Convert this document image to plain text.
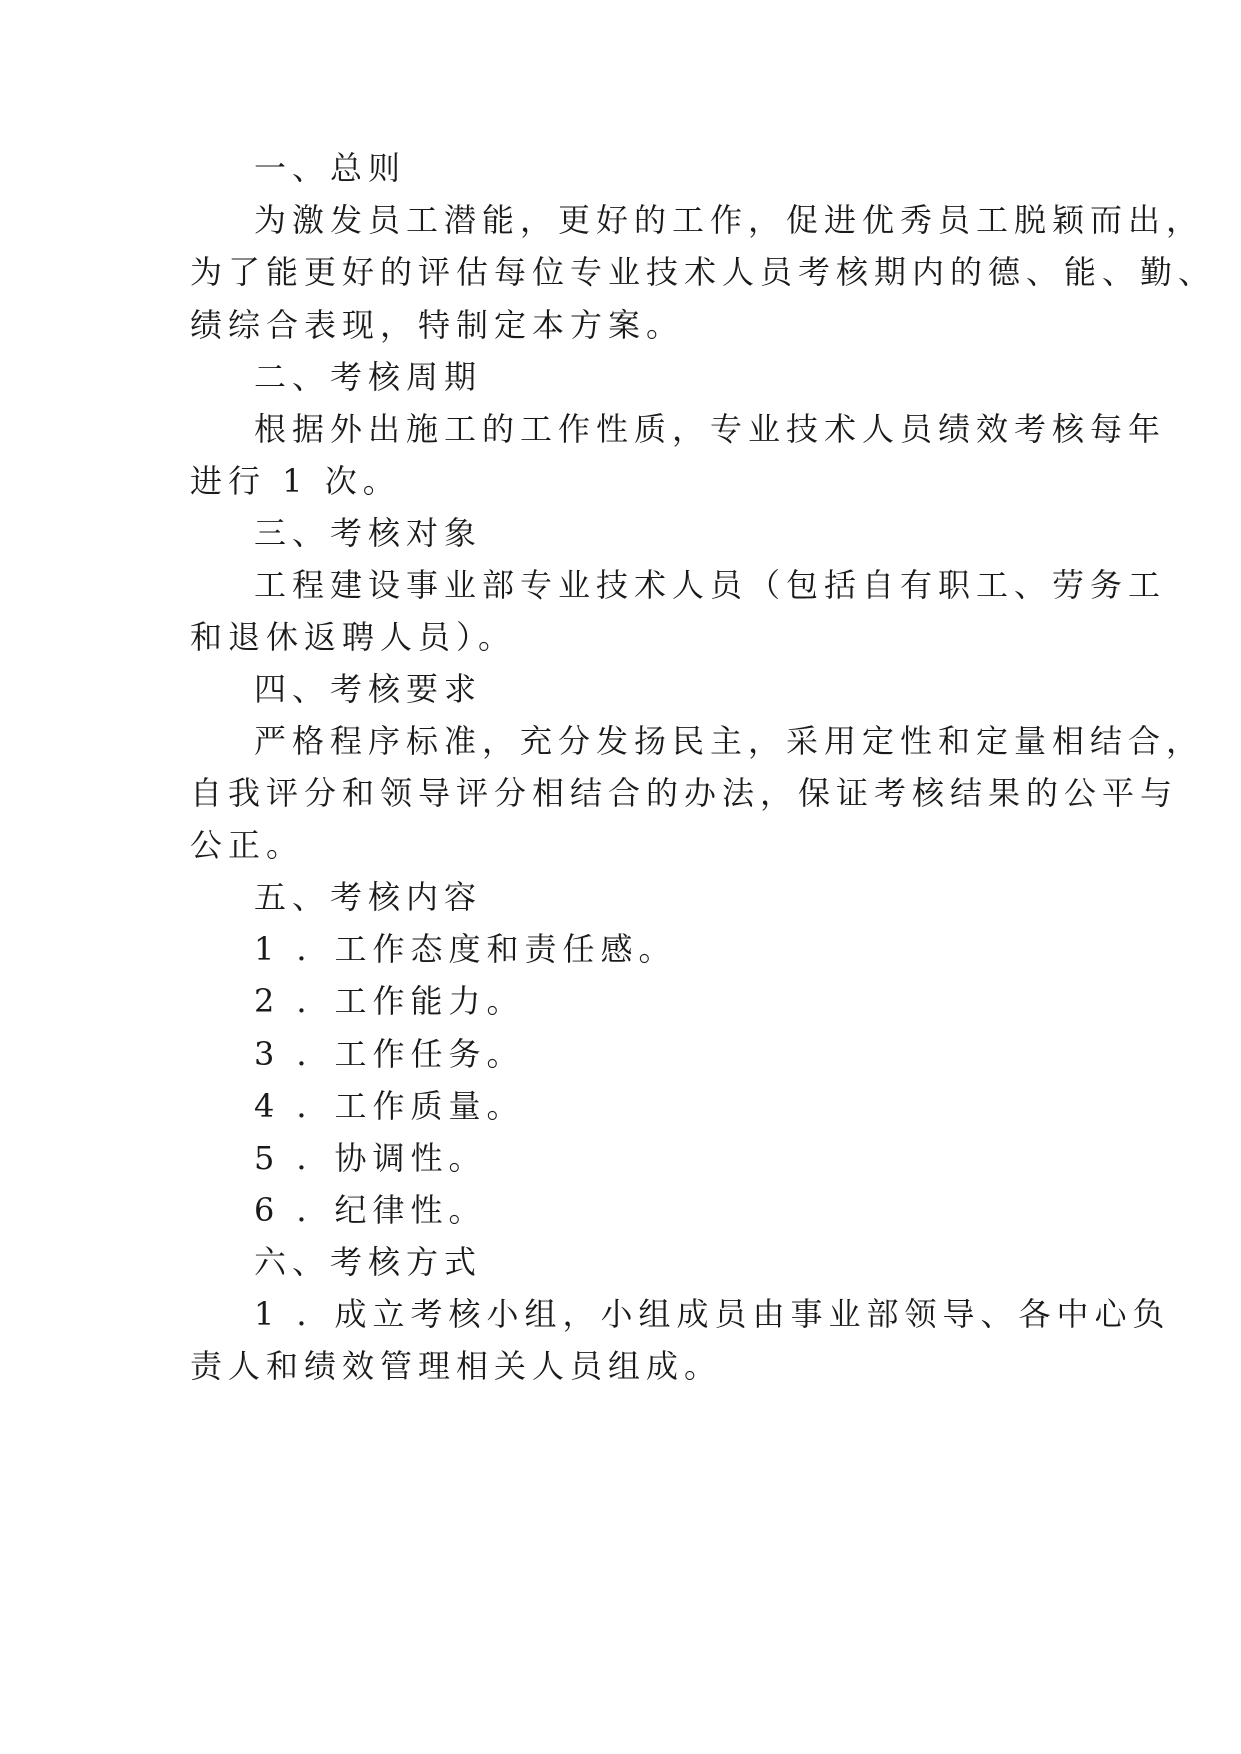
一、总则
为激发员工潜能，更好的工作，促进优秀员工脱颖而出，
为了能更好的评估每位专业技术人员考核期内的德、能、勤、
绩综合表现，特制定本方案。
二、考核周期
根据外出施工的工作性质，专业技术人员绩效考核每年
进行 1 次。
三、考核对象
工程建设事业部专业技术人员（包括自有职工、劳务工
和退休返聘人员）。
四、考核要求
严格程序标准，充分发扬民主，采用定性和定量相结合，
自我评分和领导评分相结合的办法，保证考核结果的公平与
公正。
五、考核内容
1 ．工作态度和责任感。
2 ．工作能力。
3 ．工作任务。
4 ．工作质量。
5 ．协调性。
6 ．纪律性。
六、考核方式
1 ．成立考核小组，小组成员由事业部领导、各中心负
责人和绩效管理相关人员组成。
